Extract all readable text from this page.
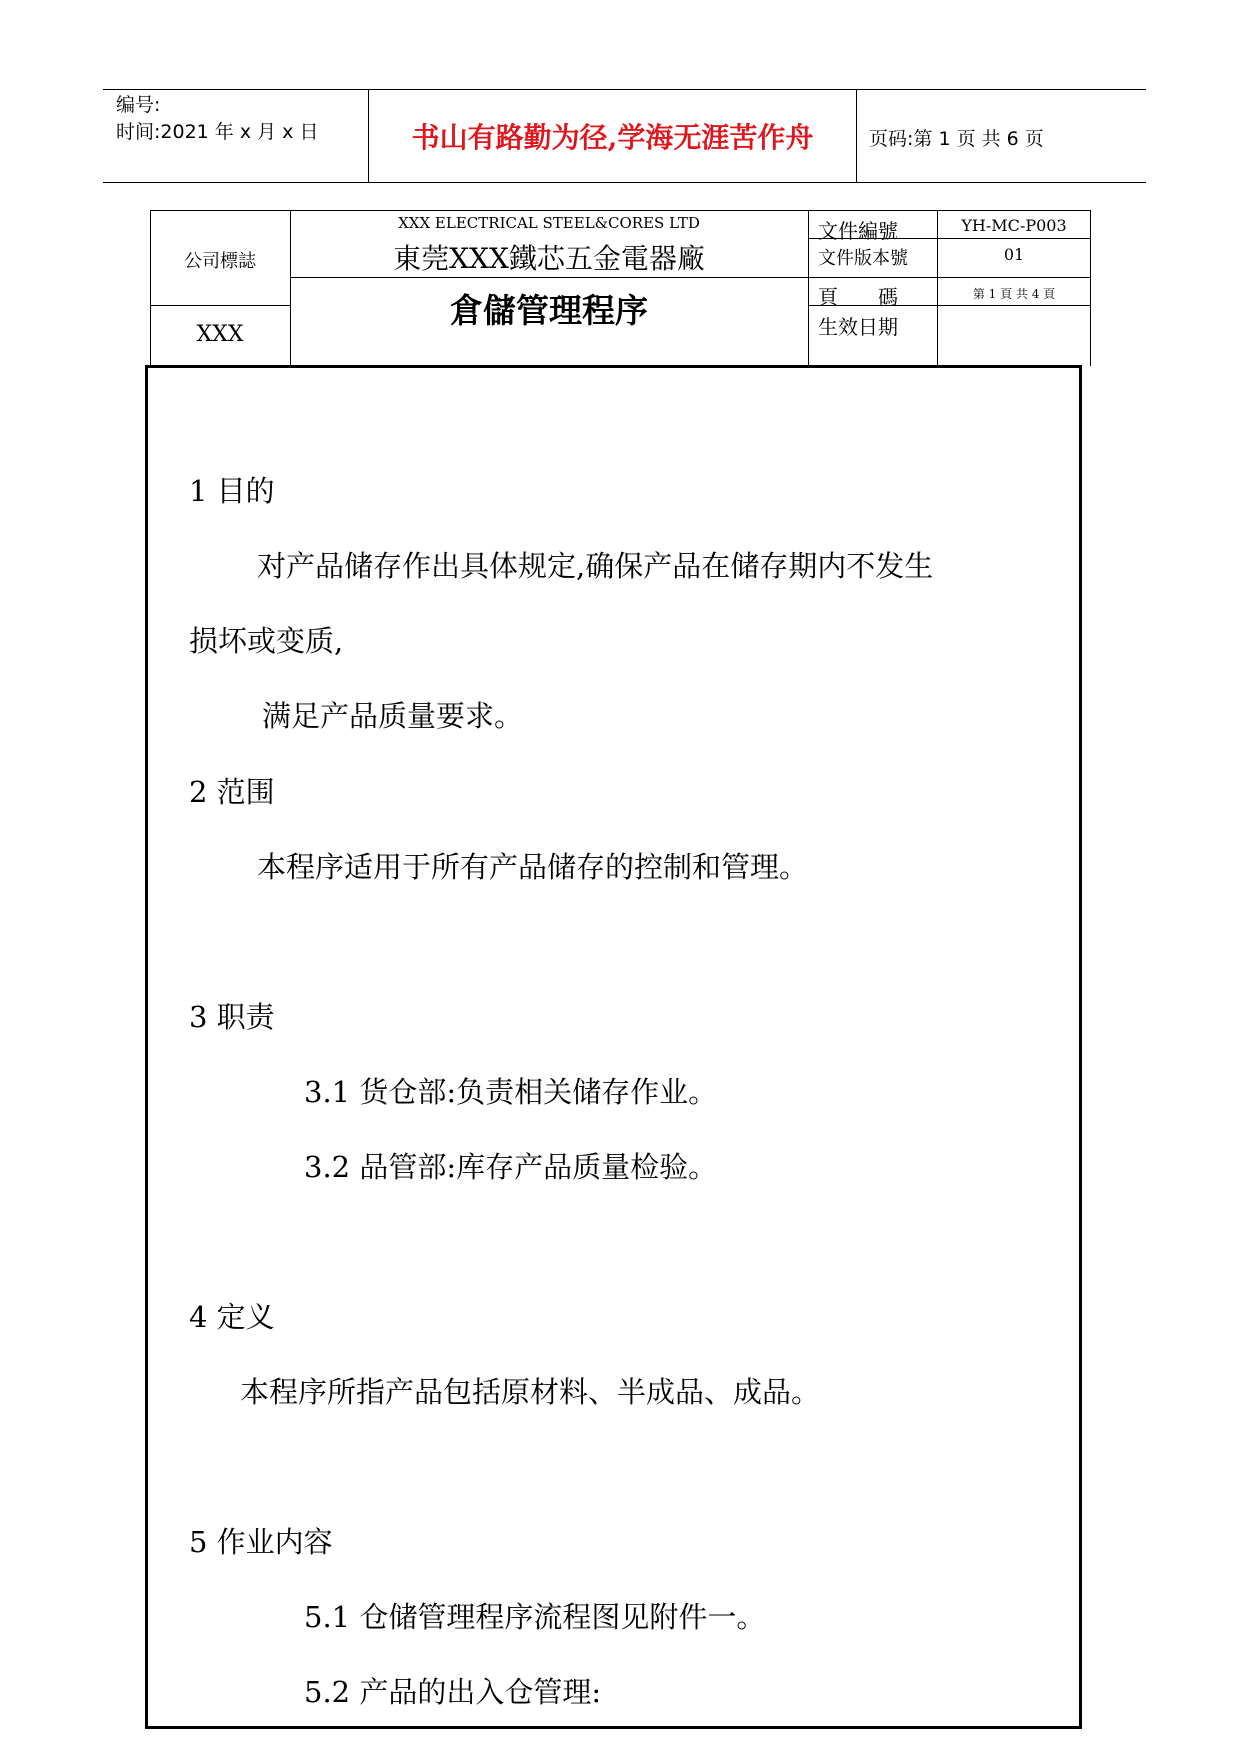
编号:
时间:2021 年 x 月 x 日	书山有路勤为径,学海无涯苦作舟	页码:第 1 页 共 6 页
公司標誌
XXX
XXX ELECTRICAL STEEL&CORES LTD
東莞XXX鐵芯五金電器廠
倉儲管理程序
文件編號
文件版本號
頁　　碼
生效日期
YH-MC-P003
01
第 1 頁 共 4 頁
1 目的
对产品储存作出具体规定,确保产品在储存期内不发生
损坏或变质,
满足产品质量要求。
2 范围
本程序适用于所有产品储存的控制和管理。
3 职责
3.1 货仓部:负责相关储存作业。
3.2 品管部:库存产品质量检验。
4 定义
本程序所指产品包括原材料、半成品、成品。
5 作业内容
5.1 仓储管理程序流程图见附件一。
5.2 产品的出入仓管理:
